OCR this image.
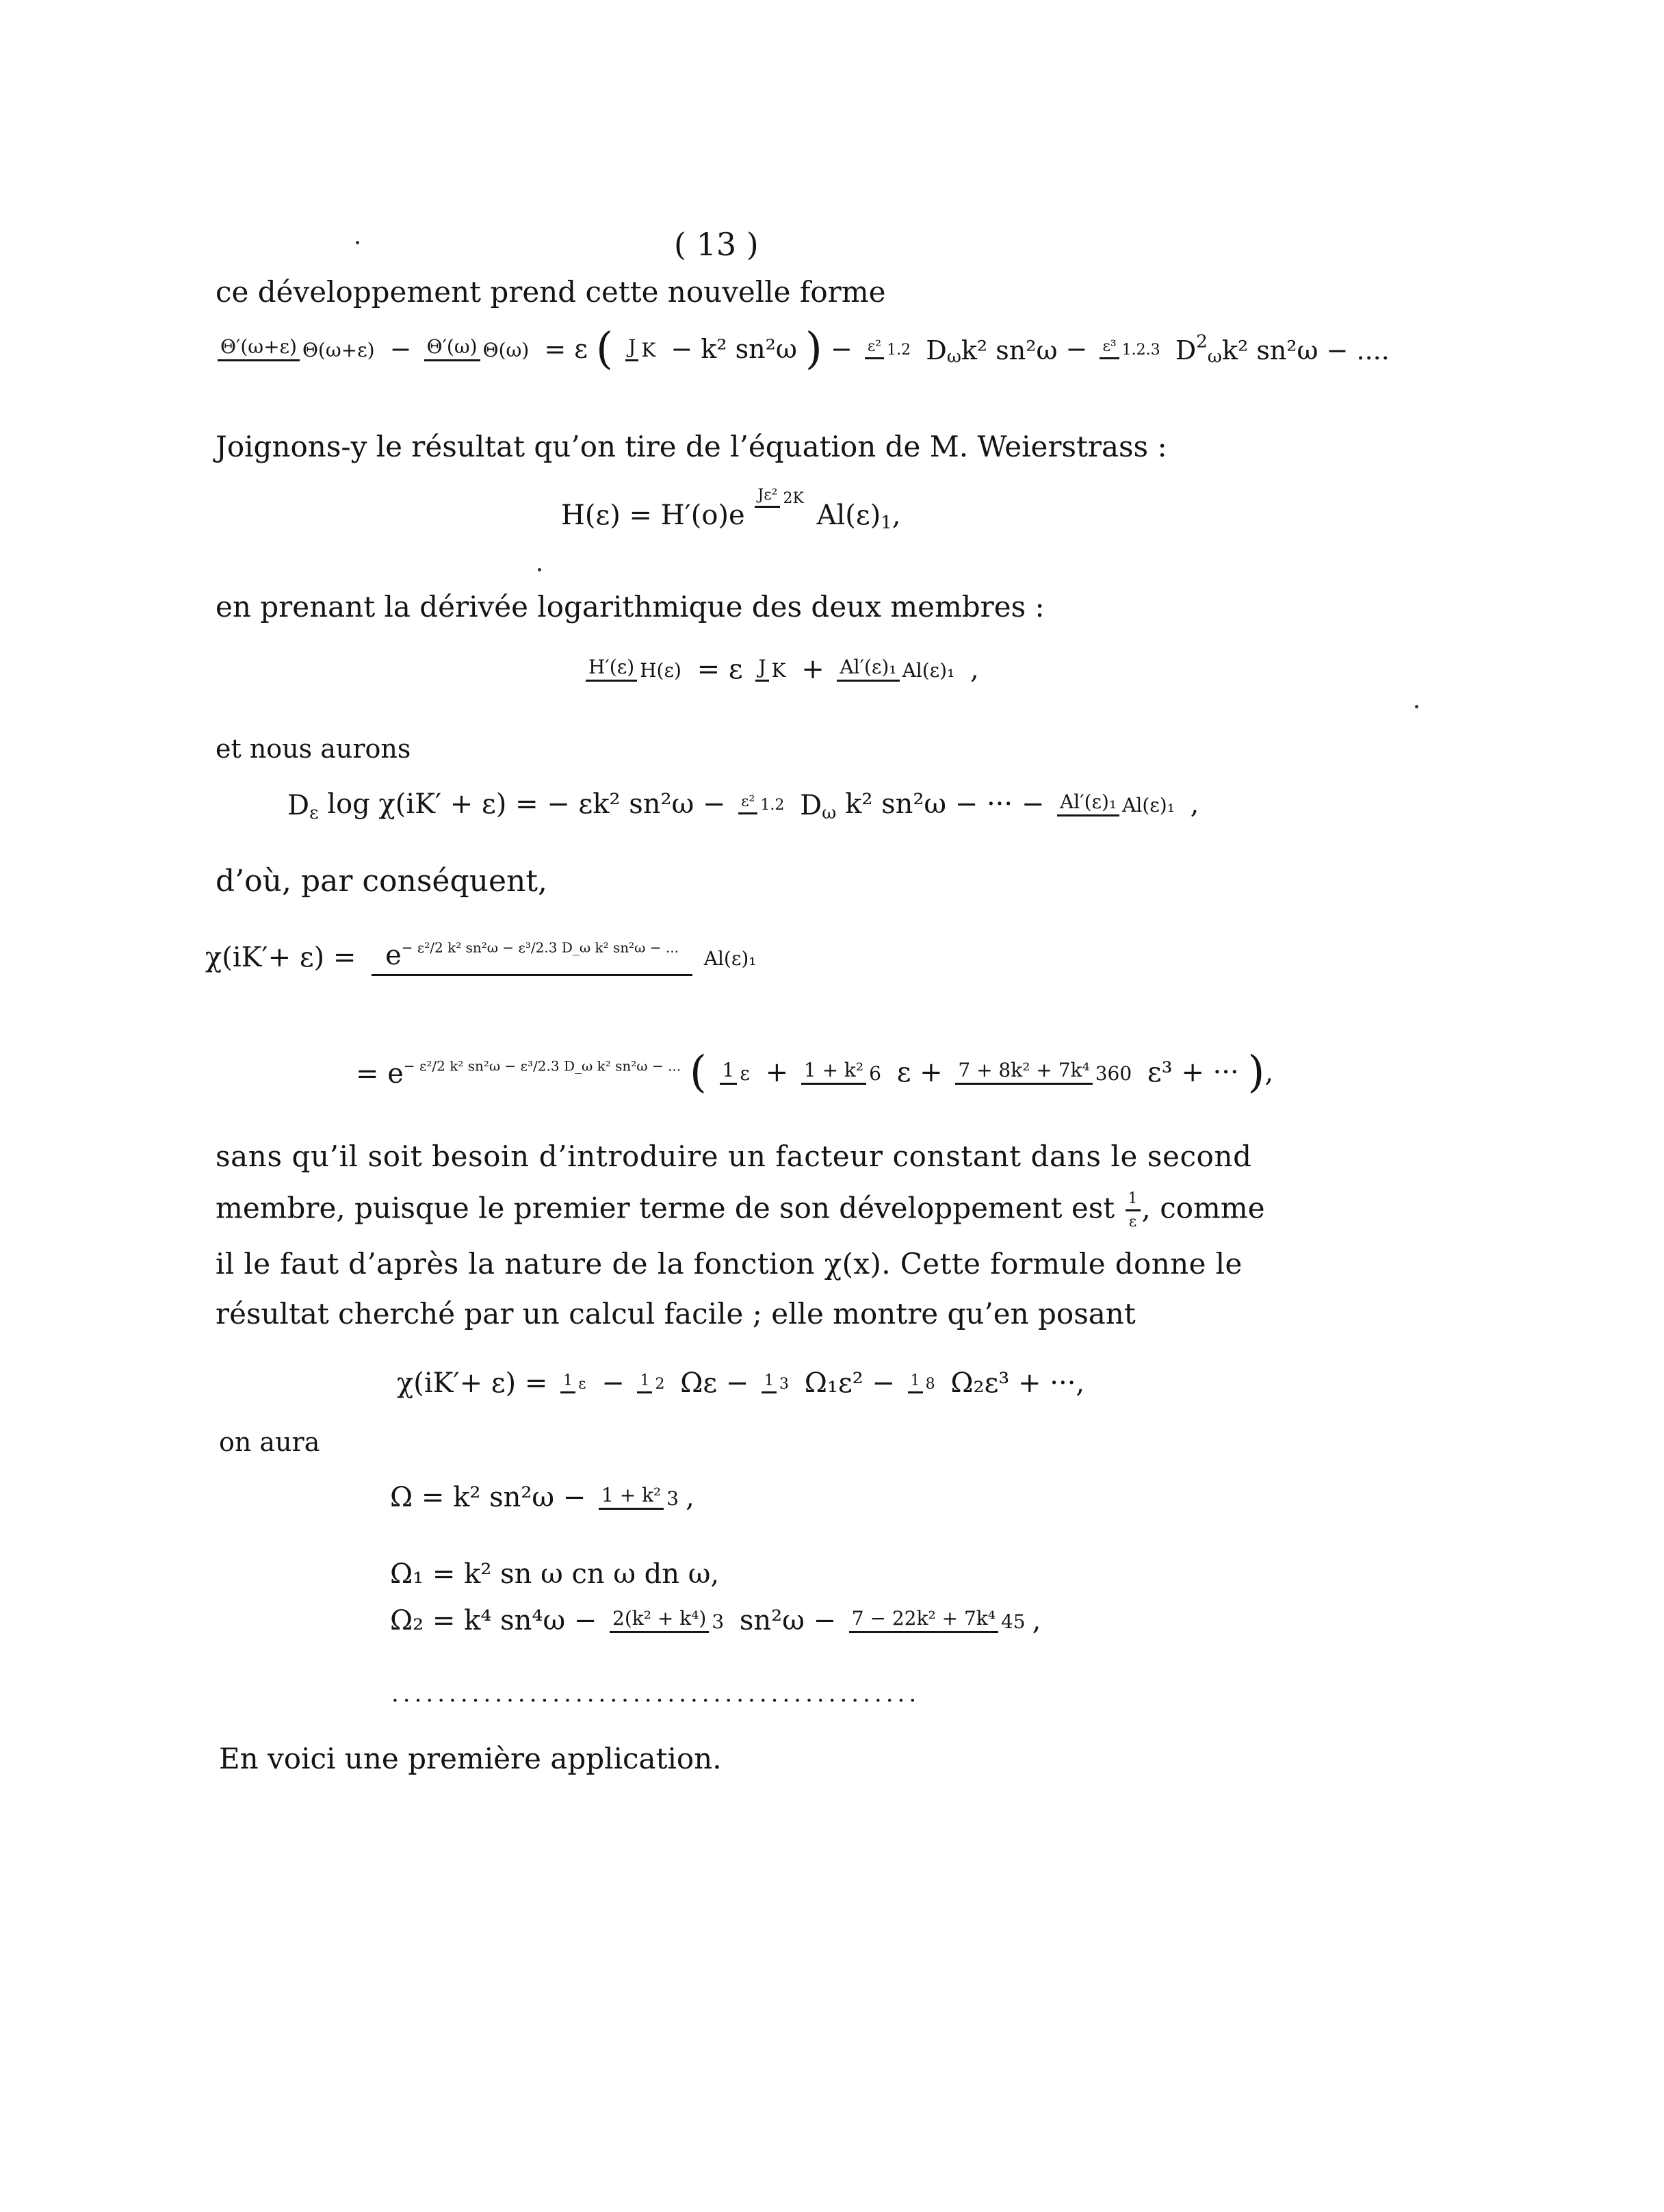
( 13 )
ce développement prend cette nouvelle forme
Θ′(ω+ε) Θ(ω+ε) − Θ′(ω) Θ(ω) = ε ( J K − k² sn²ω ) − ε² 1.2 $D_\omega k^2$ sn²ω − ε³ 1.2.3 $D^2_\omega k^2$ sn²ω − ....
Joignons-y le résultat qu’on tire de l’équation de M. Weierstrass :
H(ε) = H′(o)e Jε² 2K $Al(\varepsilon)_1$,
en prenant la dérivée logarithmique des deux membres :
H′(ε) H(ε) = ε J K + Al′(ε)₁ Al(ε)₁ ,
et nous aurons
$D_\varepsilon$ log χ(iK′ + ε) = − εk² sn²ω − ε² 1.2 $D_\omega$ k² sn²ω − ··· − Al′(ε)₁ Al(ε)₁ ,
d’où, par conséquent,
$\chi(iK'+ \varepsilon) = e^{- \varepsilon^2/2 k^2 sn^2\omega - \varepsilon^3/2.3 D\_\omega k^2 sn^2\omega - ...}$ Al(ε)₁
= $e^{- \varepsilon^2/2 k^2 sn^2\omega - \varepsilon^3/2.3 D\_\omega k^2 sn^2\omega - ...}$ ( 1 ε + 1 + k² 6 ε + 7 + 8k² + 7k⁴ 360 ε³ + ··· ),
sans qu’il soit besoin d’introduire un facteur constant dans le second
membre, puisque le premier terme de son développement est $\frac{1}{\varepsilon}$ , comme
il le faut d’après la nature de la fonction χ(x). Cette formule donne le
résultat cherché par un calcul facile ; elle montre qu’en posant
χ(iK′+ ε) = 1 ε − 1 2 Ωε − 1 3 Ω₁ε² − 1 8 Ω₂ε³ + ···,
on aura
Ω = k² sn²ω − 1 + k² 3 ,
Ω₁ = k² sn ω cn ω dn ω,
Ω₂ = k⁴ sn⁴ω − 2(k² + k⁴) 3 sn²ω − 7 − 22k² + 7k⁴ 45 ,
..............................................
En voici une première application.
